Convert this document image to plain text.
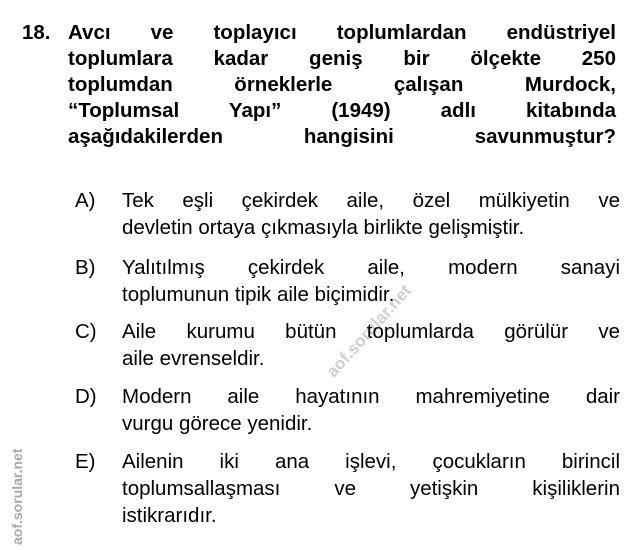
aof.sorular.net
aof.sorular.net
18. Avcı ve toplayıcı toplumlardan endüstriyel
toplumlara kadar geniş bir ölçekte 250
toplumdan örneklerle çalışan Murdock,
“Toplumsal Yapı” (1949) adlı kitabında
aşağıdakilerden hangisini savunmuştur?
A) Tek eşli çekirdek aile, özel mülkiyetin ve
devletin ortaya çıkmasıyla birlikte gelişmiştir.
B) Yalıtılmış çekirdek aile, modern sanayi
toplumunun tipik aile biçimidir.
C) Aile kurumu bütün toplumlarda görülür ve
aile evrenseldir.
D) Modern aile hayatının mahremiyetine dair
vurgu görece yenidir.
E) Ailenin iki ana işlevi, çocukların birincil
toplumsallaşması ve yetişkin kişiliklerin
istikrarıdır.
